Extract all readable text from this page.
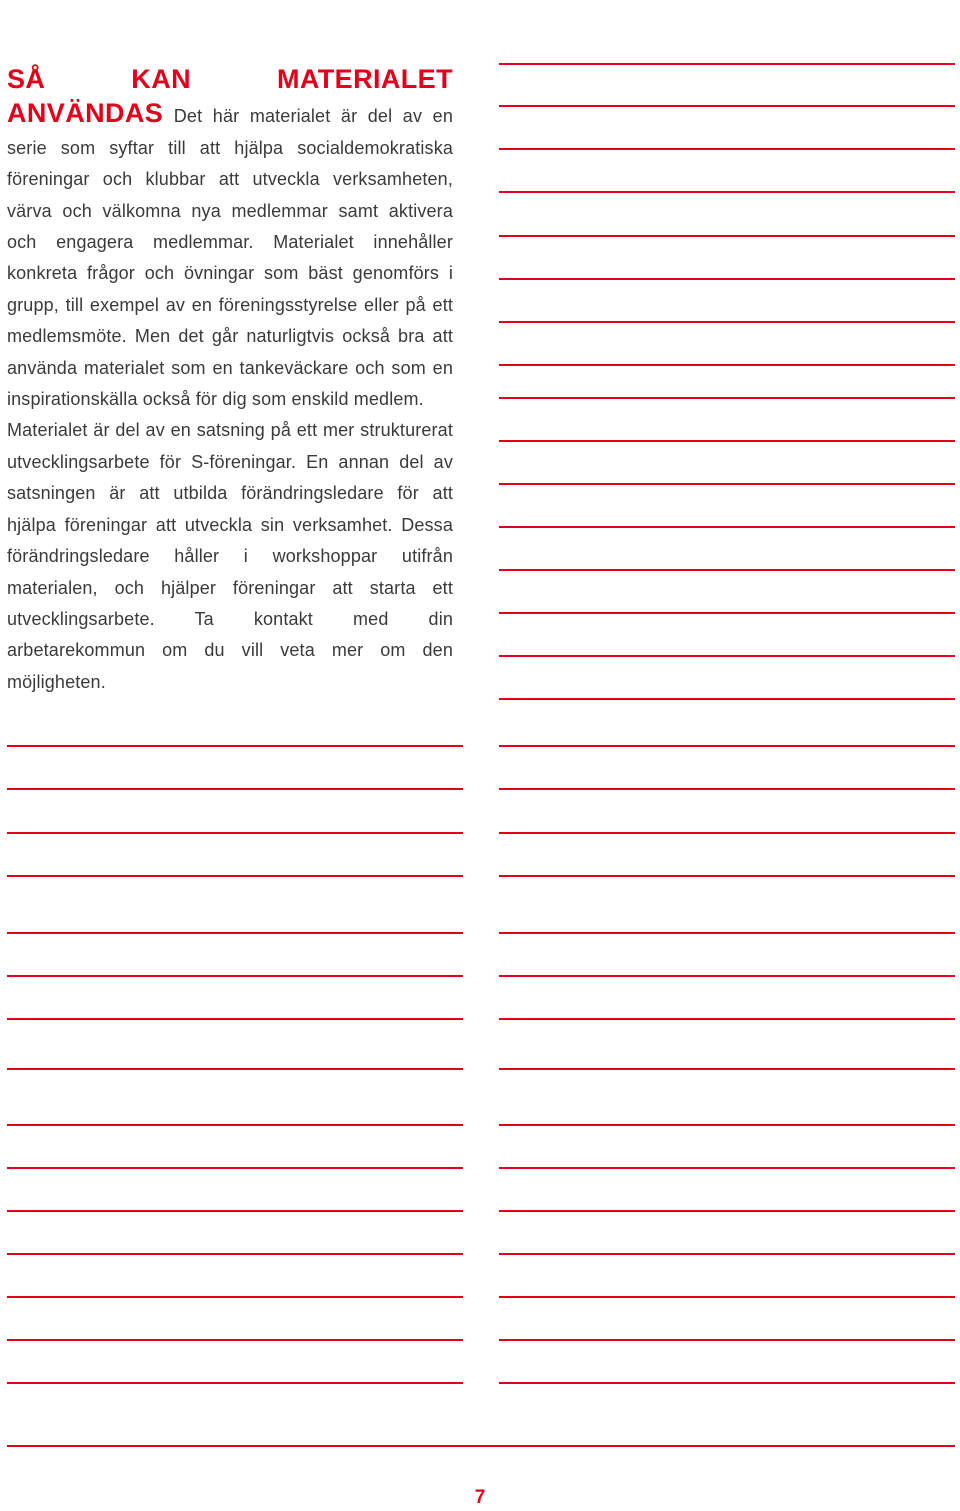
SÅ KAN MATERIALET ANVÄNDAS Det här materialet är del av en serie som syftar till att hjälpa socialdemokratiska föreningar och klubbar att utveckla verksamheten, värva och välkomna nya medlemmar samt aktivera och engagera medlemmar. Materialet innehåller konkreta frågor och övningar som bäst genomförs i grupp, till exempel av en föreningsstyrelse eller på ett medlemsmöte. Men det går naturligtvis också bra att använda materialet som en tankeväckare och som en inspirationskälla också för dig som enskild medlem.

Materialet är del av en satsning på ett mer strukturerat utvecklingsarbete för S-föreningar. En annan del av satsningen är att utbilda förändringsledare för att hjälpa föreningar att utveckla sin verksamhet. Dessa förändringsledare håller i workshoppar utifrån materialen, och hjälper föreningar att starta ett utvecklingsarbete. Ta kontakt med din arbetarekommun om du vill veta mer om den möjligheten.

7
